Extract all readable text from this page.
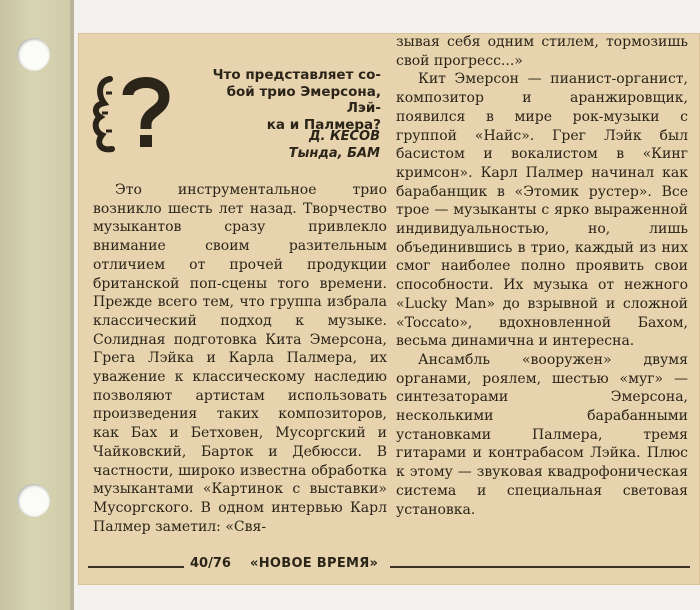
Что представляет со-
бой трио Эмерсона, Лэй-
ка и Палмера?
Д. КЕСОВ
Тында, БАМ

Это инструментальное трио возникло шесть лет назад. Творчество музыкантов сразу привлекло внимание своим разительным отличием от прочей продукции британской поп-сцены того времени. Прежде всего тем, что группа избрала классический подход к музыке. Солидная подготовка Кита Эмерсона, Грега Лэйка и Карла Палмера, их уважение к классическому наследию позволяют артистам использовать произведения таких композиторов, как Бах и Бетховен, Мусоргский и Чайковский, Барток и Дебюсси. В частности, широко известна обработка музыкантами «Картинок с выставки» Мусоргского. В одном интервью Карл Палмер заметил: «Свя-

зывая себя одним стилем, тормозишь свой прогресс...»

Кит Эмерсон — пианист-органист, композитор и аранжировщик, появился в мире рок-музыки с группой «Найс». Грег Лэйк был басистом и вокалистом в «Кинг кримсон». Карл Палмер начинал как барабанщик в «Этомик рустер». Все трое — музыканты с ярко выраженной индивидуальностью, но, лишь объединившись в трио, каждый из них смог наиболее полно проявить свои способности. Их музыка от нежного «Lucky Man» до взрывной и сложной «Toccato», вдохновленной Бахом, весьма динамична и интересна.

Ансамбль «вооружен» двумя органами, роялем, шестью «муг» — синтезаторами Эмерсона, несколькими барабанными установками Палмера, тремя гитарами и контрабасом Лэйка. Плюс к этому — звуковая квадрофоническая система и специальная световая установка.

40/76 «НОВОЕ ВРЕМЯ»
